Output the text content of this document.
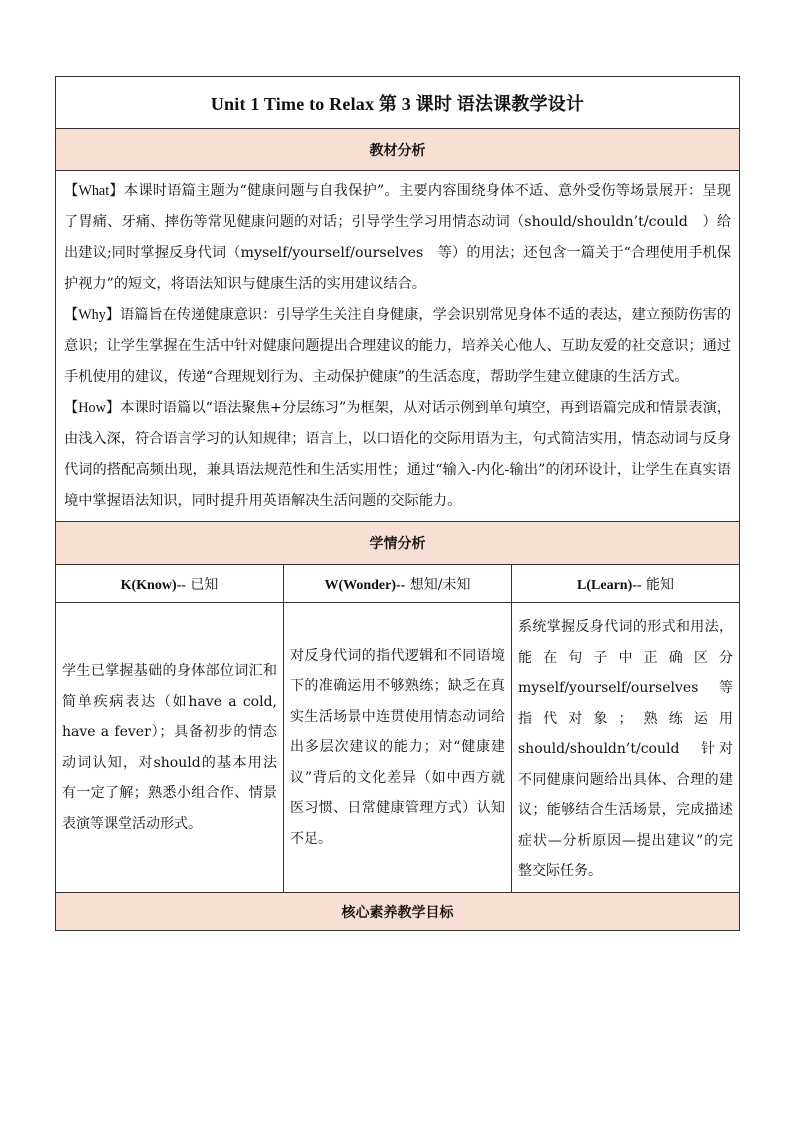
Unit 1 Time to Relax 第 3 课时 语法课教学设计		
教材分析		

【What】本课时语篇主题为“健康问题与自我保护”。主要内容围绕身体不适、意外受伤等场景展开：呈现了胃痛、牙痛、摔伤等常见健康问题的对话；引导学生学习用情态动词（should/shouldn’t/could　）给出建议;同时掌握反身代词（myself/yourself/ourselves　等）的用法；还包含一篇关于“合理使用手机保护视力”的短文，将语法知识与健康生活的实用建议结合。

【Why】语篇旨在传递健康意识：引导学生关注自身健康，学会识别常见身体不适的表达，建立预防伤害的意识；让学生掌握在生活中针对健康问题提出合理建议的能力，培养关心他人、互助友爱的社交意识；通过手机使用的建议，传递“合理规划行为、主动保护健康”的生活态度，帮助学生建立健康的生活方式。

【How】本课时语篇以“语法聚焦+分层练习”为框架，从对话示例到单句填空，再到语篇完成和情景表演，由浅入深，符合语言学习的认知规律；语言上，以口语化的交际用语为主，句式简洁实用，情态动词与反身代词的搭配高频出现，兼具语法规范性和生活实用性；通过“输入-内化-输出”的闭环设计，让学生在真实语境中掌握语法知识，同时提升用英语解决生活问题的交际能力。		

学情分析		
K(Know)-- 已知	W(Wonder)-- 想知/未知	L(Learn)-- 能知
学生已掌握基础的身体部位词汇和简单疾病表达（如have a cold, have a fever）；具备初步的情态动词认知，对should的基本用法有一定了解；熟悉小组合作、情景表演等课堂活动形式。	对反身代词的指代逻辑和不同语境下的准确运用不够熟练；缺乏在真实生活场景中连贯使用情态动词给出多层次建议的能力；对“健康建议”背后的文化差异（如中西方就医习惯、日常健康管理方式）认知不足。	系统掌握反身代词的形式和用法，能在句子中正确区分myself/yourself/ourselves　等指代对象；熟练运用should/shouldn’t/could　针对不同健康问题给出具体、合理的建议；能够结合生活场景，完成描述症状—分析原因—提出建议”的完整交际任务。
核心素养教学目标		
